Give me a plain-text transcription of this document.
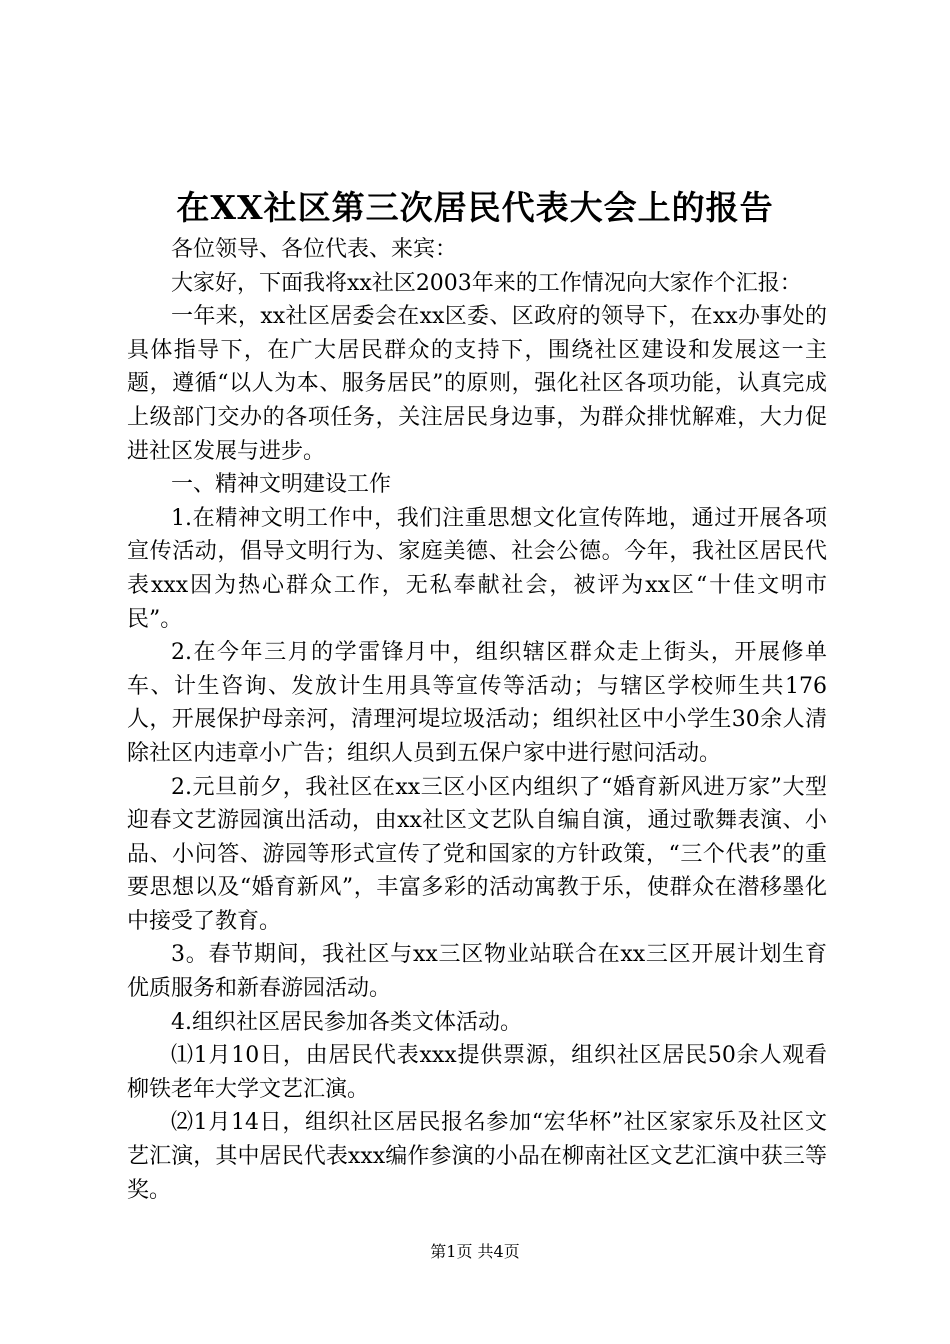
在XX社区第三次居民代表大会上的报告

各位领导、各位代表、来宾：

大家好，下面我将xx社区2003年来的工作情况向大家作个汇报：

一年来，xx社区居委会在xx区委、区政府的领导下，在xx办事处的具体指导下，在广大居民群众的支持下，围绕社区建设和发展这一主题，遵循“以人为本、服务居民”的原则，强化社区各项功能，认真完成上级部门交办的各项任务，关注居民身边事，为群众排忧解难，大力促进社区发展与进步。

一、精神文明建设工作

1.在精神文明工作中，我们注重思想文化宣传阵地，通过开展各项宣传活动，倡导文明行为、家庭美德、社会公德。今年，我社区居民代表xxx因为热心群众工作，无私奉献社会，被评为xx区“十佳文明市民”。

2.在今年三月的学雷锋月中，组织辖区群众走上街头，开展修单车、计生咨询、发放计生用具等宣传等活动；与辖区学校师生共176人，开展保护母亲河，清理河堤垃圾活动；组织社区中小学生30余人清除社区内违章小广告；组织人员到五保户家中进行慰问活动。

2.元旦前夕，我社区在xx三区小区内组织了“婚育新风进万家”大型迎春文艺游园演出活动，由xx社区文艺队自编自演，通过歌舞表演、小品、小问答、游园等形式宣传了党和国家的方针政策，“三个代表”的重要思想以及“婚育新风”，丰富多彩的活动寓教于乐，使群众在潜移墨化中接受了教育。

3。春节期间，我社区与xx三区物业站联合在xx三区开展计划生育优质服务和新春游园活动。

4.组织社区居民参加各类文体活动。

⑴1月10日，由居民代表xxx提供票源，组织社区居民50余人观看柳铁老年大学文艺汇演。

⑵1月14日，组织社区居民报名参加“宏华杯”社区家家乐及社区文艺汇演，其中居民代表xxx编作参演的小品在柳南社区文艺汇演中获三等奖。

第1页 共4页
